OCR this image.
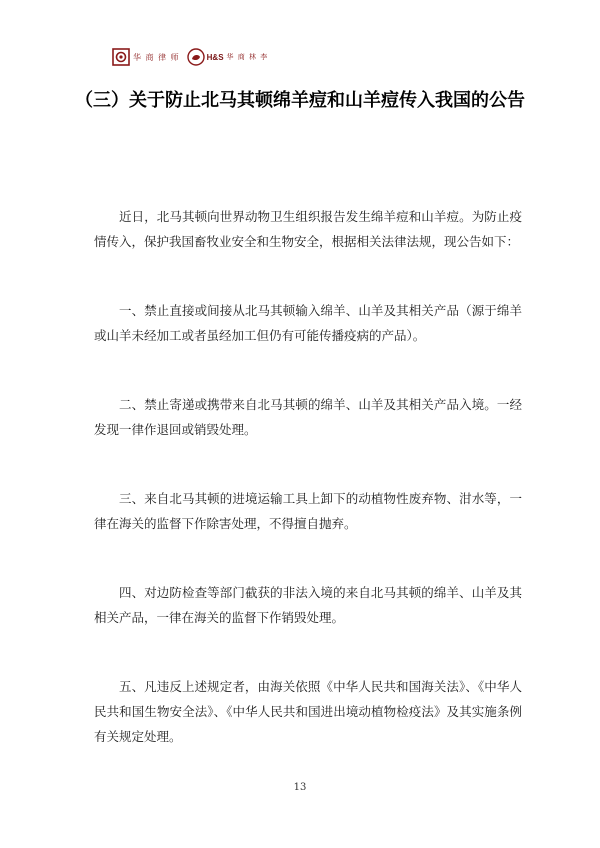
华 商 律 师	H&S 华 商 林 李
（三）关于防止北马其顿绵羊痘和山羊痘传入我国的公告

近日，北马其顿向世界动物卫生组织报告发生绵羊痘和山羊痘。为防止疫情传入，保护我国畜牧业安全和生物安全，根据相关法律法规，现公告如下：

一、禁止直接或间接从北马其顿输入绵羊、山羊及其相关产品（源于绵羊或山羊未经加工或者虽经加工但仍有可能传播疫病的产品）。

二、禁止寄递或携带来自北马其顿的绵羊、山羊及其相关产品入境。一经发现一律作退回或销毁处理。

三、来自北马其顿的进境运输工具上卸下的动植物性废弃物、泔水等，一律在海关的监督下作除害处理，不得擅自抛弃。

四、对边防检查等部门截获的非法入境的来自北马其顿的绵羊、山羊及其相关产品，一律在海关的监督下作销毁处理。

五、凡违反上述规定者，由海关依照《中华人民共和国海关法》、《中华人民共和国生物安全法》、《中华人民共和国进出境动植物检疫法》及其实施条例有关规定处理。

13
